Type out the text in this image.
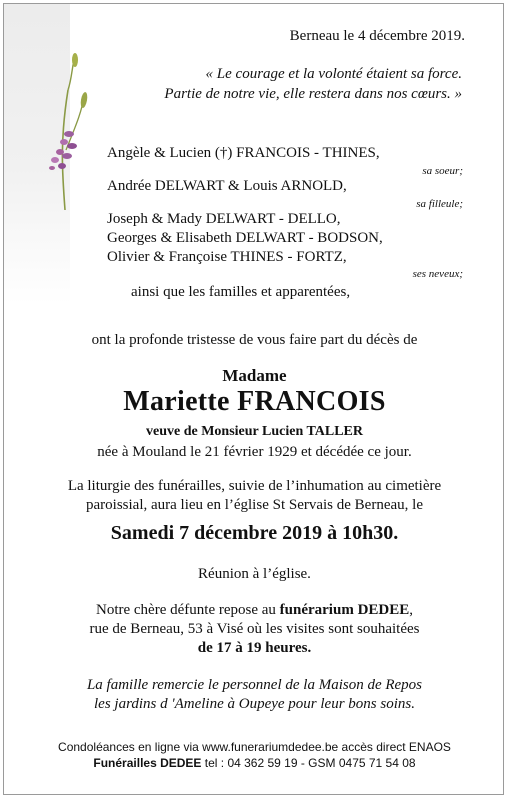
Berneau le 4 décembre 2019.
« Le courage et la volonté étaient sa force.
Partie de notre vie, elle restera dans nos cœurs. »
Angèle & Lucien (†) FRANCOIS - THINES,
sa soeur;
Andrée DELWART & Louis ARNOLD,
sa filleule;
Joseph & Mady DELWART - DELLO,
Georges & Elisabeth DELWART - BODSON,
Olivier & Françoise THINES - FORTZ,
ses neveux;
ainsi que les familles et apparentées,
ont la profonde tristesse de vous faire part du décès de
Madame
Mariette FRANCOIS
veuve de Monsieur Lucien TALLER
née à Mouland le 21 février 1929 et décédée ce jour.
La liturgie des funérailles, suivie de l’inhumation au cimetière
paroissial, aura lieu en l’église St Servais de Berneau, le
Samedi 7 décembre 2019 à 10h30.
Réunion à l’église.
Notre chère défunte repose au funérarium DEDEE,
rue de Berneau, 53 à Visé où les visites sont souhaitées
de 17 à 19 heures.
La famille remercie le personnel de la Maison de Repos
les jardins d 'Ameline à Oupeye pour leur bons soins.
Condoléances en ligne via www.funerariumdedee.be accès direct ENAOS
Funérailles DEDEE tel : 04 362 59 19 - GSM 0475 71 54 08
